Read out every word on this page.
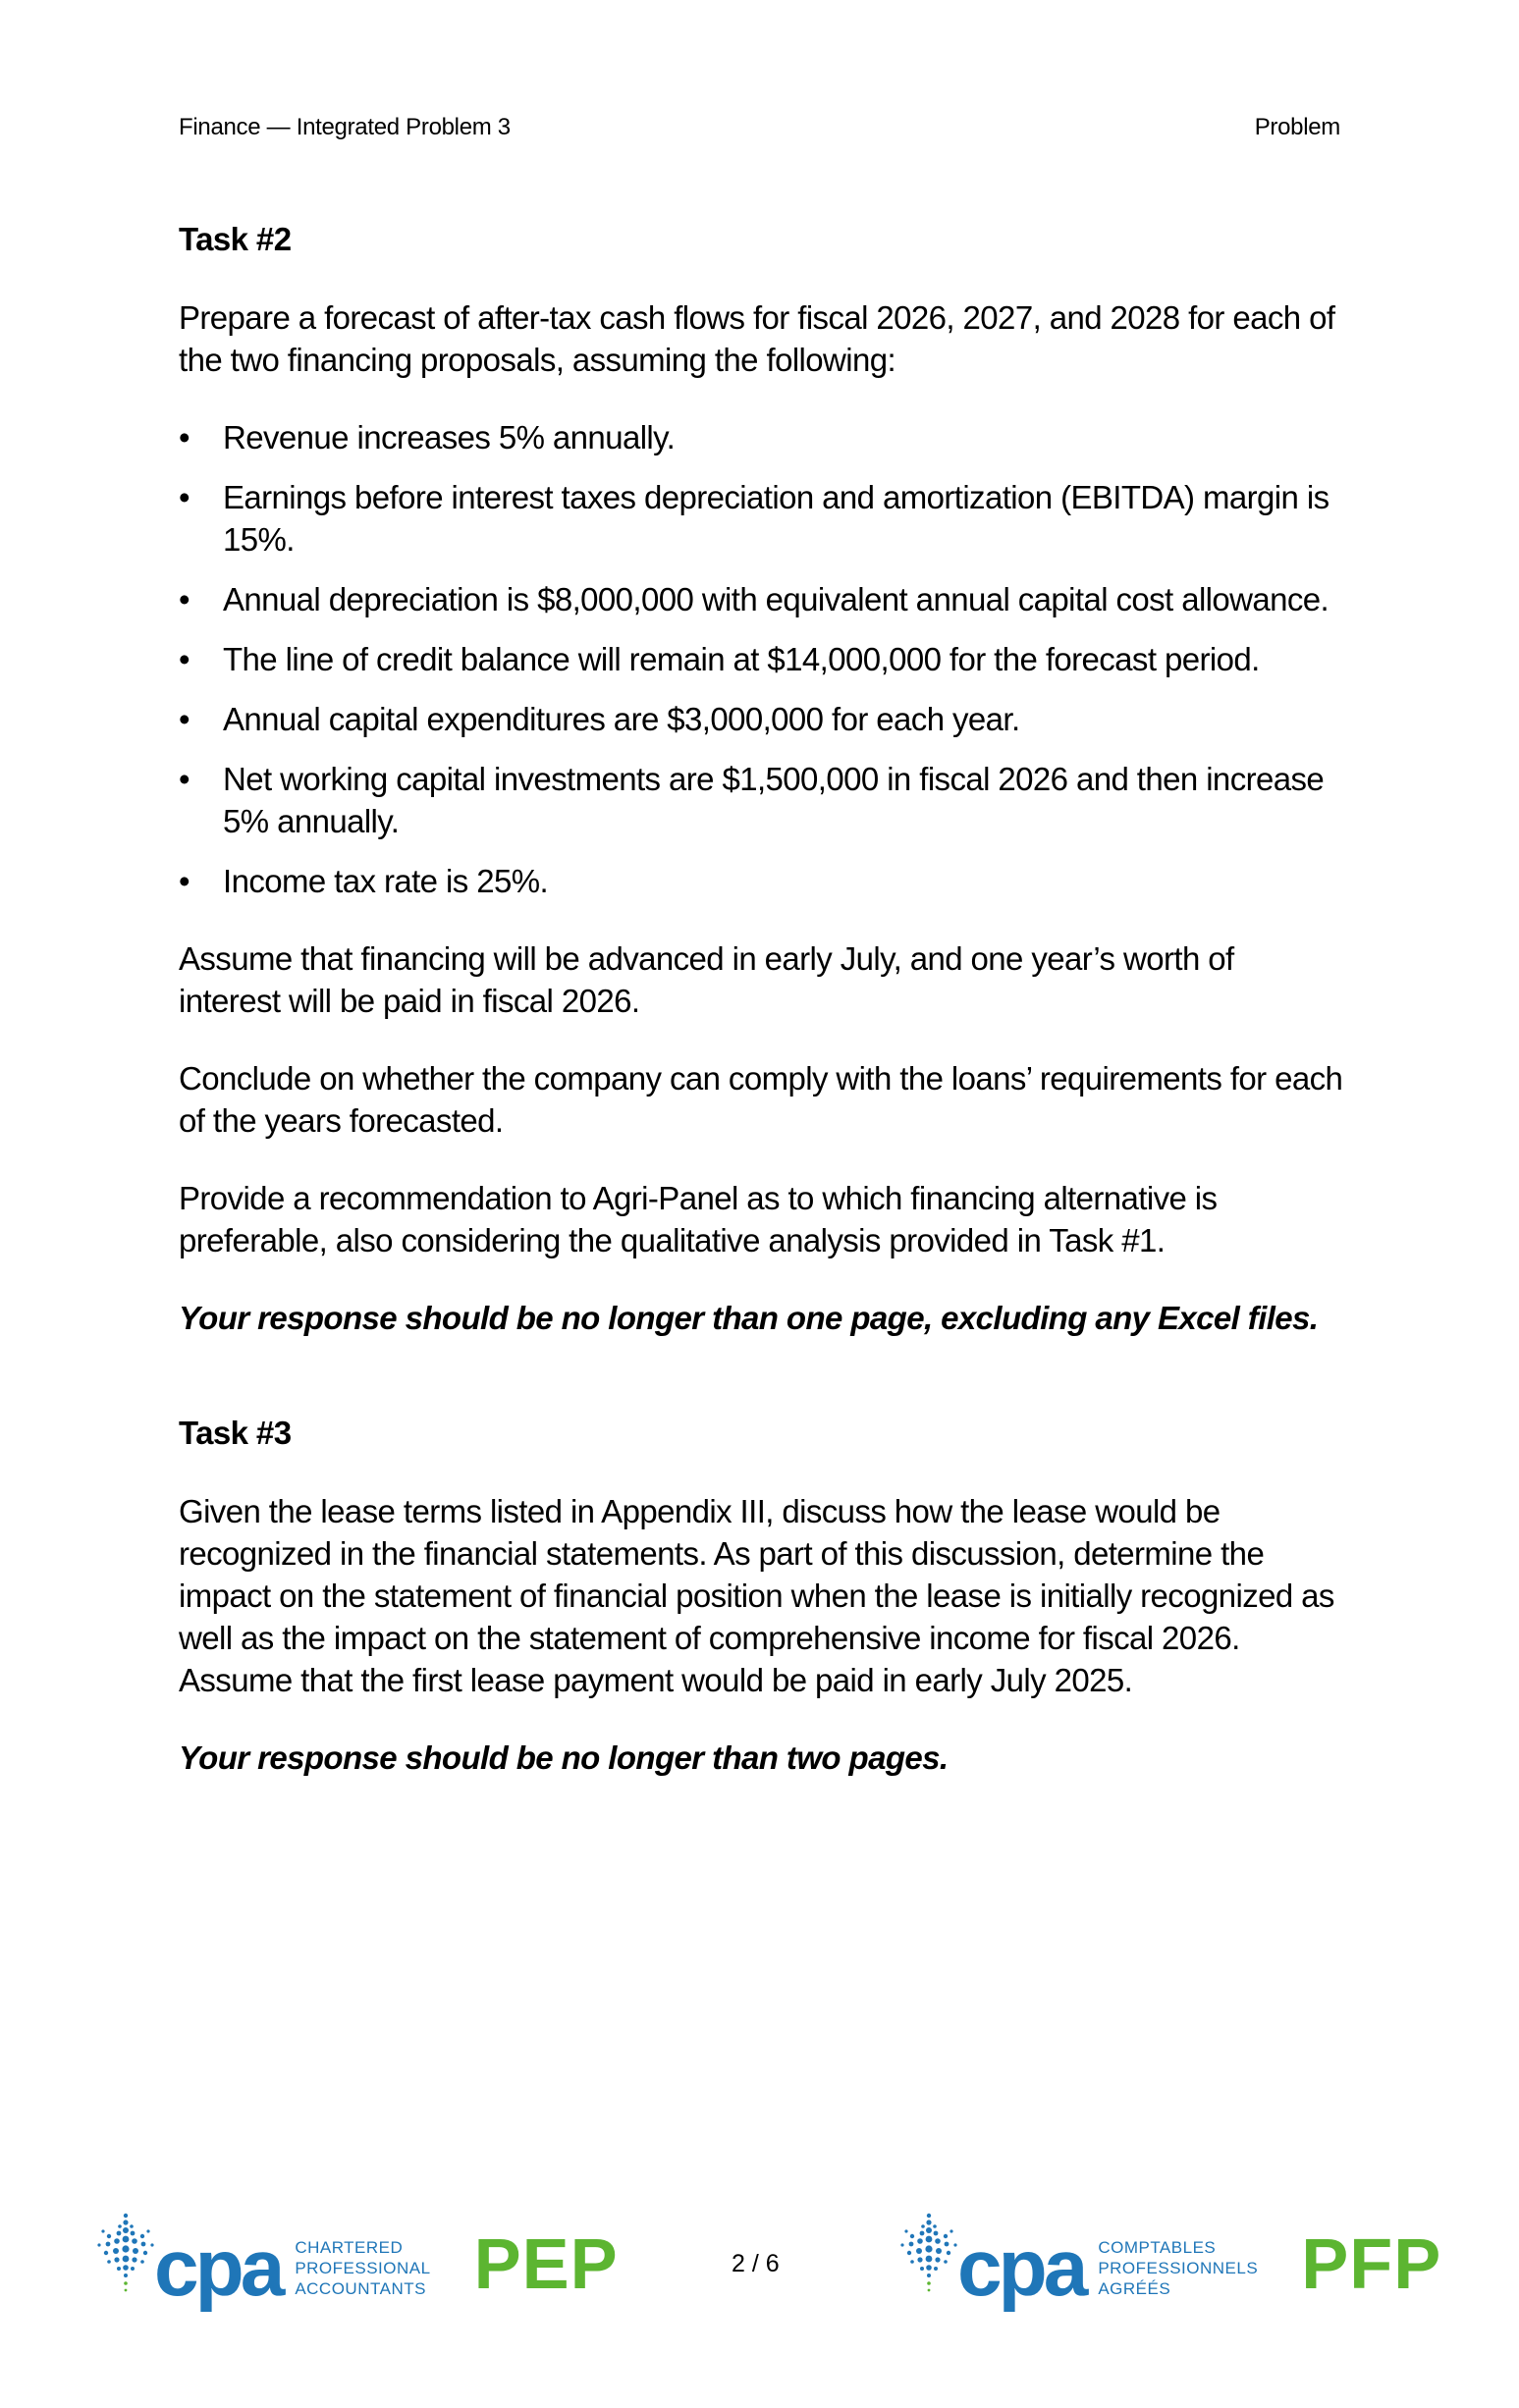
Finance — Integrated Problem 3	Problem
Task #2

Prepare a forecast of after-tax cash flows for fiscal 2026, 2027, and 2028 for each of the two financing proposals, assuming the following:

• Revenue increases 5% annually.
• Earnings before interest taxes depreciation and amortization (EBITDA) margin is 15%.
• Annual depreciation is $8,000,000 with equivalent annual capital cost allowance.
• The line of credit balance will remain at $14,000,000 for the forecast period.
• Annual capital expenditures are $3,000,000 for each year.
• Net working capital investments are $1,500,000 in fiscal 2026 and then increase 5% annually.
• Income tax rate is 25%.

Assume that financing will be advanced in early July, and one year’s worth of interest will be paid in fiscal 2026.

Conclude on whether the company can comply with the loans’ requirements for each of the years forecasted.

Provide a recommendation to Agri-Panel as to which financing alternative is preferable, also considering the qualitative analysis provided in Task #1.

Your response should be no longer than one page, excluding any Excel files.

Task #3

Given the lease terms listed in Appendix III, discuss how the lease would be recognized in the financial statements. As part of this discussion, determine the impact on the statement of financial position when the lease is initially recognized as well as the impact on the statement of comprehensive income for fiscal 2026. Assume that the first lease payment would be paid in early July 2025.

Your response should be no longer than two pages.

cpa CHARTERED
PROFESSIONAL
ACCOUNTANTS PEP	2 / 6 cpa COMPTABLES
PROFESSIONNELS
AGRÉÉS	PFP
